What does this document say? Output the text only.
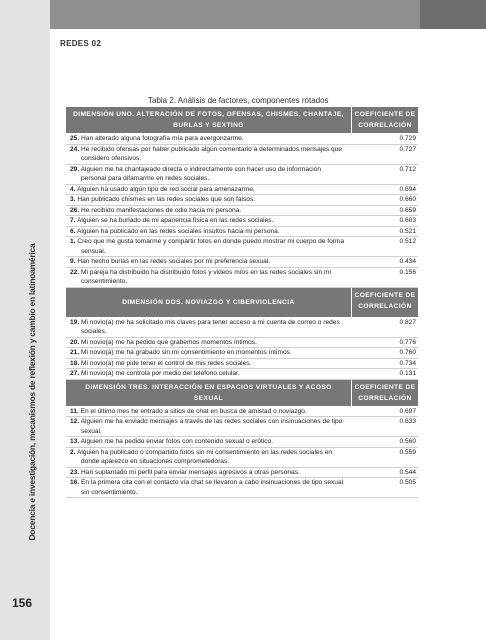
Docencia e investigación, mecanismos de reflexión y cambio en latinoamérica
156
REDES 02
Tabla 2. Análisis de factores, componentes rotados
DIMENSIÓN UNO. ALTERACIÓN DE FOTOS, OFENSAS, CHISMES, CHANTAJE, BURLAS Y SEXTING
COEFICIENTE DE CORRELACIÓN
25. Han alterado alguna fotografía mía para avergonzarme.	0.729
24. He recibido ofensas por haber publicado algún comentario a determinados mensajes que considero ofensivos.
0.727
29. Alguien me ha chantajeado directa o indirectamente con hacer uso de información personal para difamarme en redes sociales.
0.712
4. Alguien ha usado algún tipo de red social para amenazarme.	0.694
3. Han publicado chismes en las redes sociales que son falsos.	0.660
26. He recibido manifestaciones de odio hacia mi persona.	0.659
7. Alguien se ha burlado de mi apariencia física en las redes sociales.	0.603
6. Alguien ha publicado en las redes sociales insultos hacia mi persona.	0.521
1. Creo que me gusta tomarme y compartir fotos en donde puedo mostrar mi cuerpo de forma sensual.
0.512
9. Han hecho burlas en las redes sociales por mi preferencia sexual.	0.434
22. Mi pareja ha distribuido ha distribuido fotos y videos míos en las redes sociales sin mi consentimiento.
0.156
DIMENSIÓN DOS. NOVIAZGO Y CIBERVIOLENCIA
COEFICIENTE DE CORRELACIÓN
19. Mi novio(a) me ha solicitado mis claves para tener acceso a mi cuenta de correo o redes sociales.
0.827
20. Mi novio(a) me ha pedido que grabemos momentos íntimos.	0.776
21. Mi novio(a) me ha grabado sin mi consentimiento en momentos íntimos.	0.760
18. Mi novio(a) me pide tener el control de mis redes sociales.	0.734
27. Mi novio(a) me controla por medio del teléfono celular.	0.131
DIMENSIÓN TRES. INTERACCIÓN EN ESPACIOS VIRTUALES Y ACOSO SEXUAL
COEFICIENTE DE CORRELACIÓN
11. En el último mes he entrado a sitios de chat en busca de amistad o noviazgo.	0.697
12. Alguien me ha enviado mensajes a través de las redes sociales con insinuaciones de tipo sexual.
0.633
13. Alguien me ha pedido enviar fotos con contenido sexual o erótico.	0.560
2. Alguien ha publicado o compartido fotos sin mi consentimiento en las redes sociales en donde aparezco en situaciones comprometedoras.
0.559
23. Han suplantado mi perfil para enviar mensajes agresivos a otras personas.	0.544
16. En la primera cita con el contacto vía chat se llevaron a cabo insinuaciones de tipo sexual sin consentimiento.
0.505
